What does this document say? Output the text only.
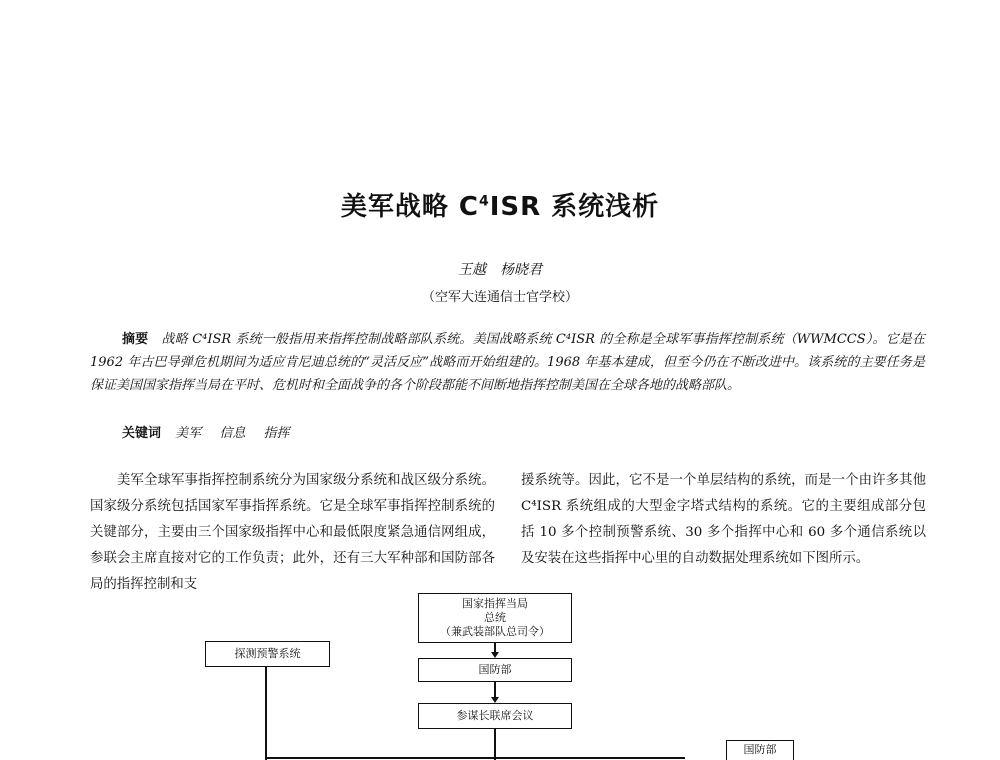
美军战略 $C^4ISR$ 系统浅析
王越　杨晓君
（空军大连通信士官学校）
摘要　 战略 C⁴ISR 系统一般指用来指挥控制战略部队系统。美国战略系统 C⁴ISR 的全称是全球军事指挥控制系统（WWMCCS）。它是在 1962 年古巴导弹危机期间为适应肯尼迪总统的“灵活反应”战略而开始组建的。1968 年基本建成，但至今仍在不断改进中。该系统的主要任务是保证美国国家指挥当局在平时、危机时和全面战争的各个阶段都能不间断地指挥控制美国在全球各地的战略部队。
关键词 美军 信息 指挥

美军全球军事指挥控制系统分为国家级分系统和战区级分系统。国家级分系统包括国家军事指挥系统。它是全球军事指挥控制系统的关键部分，主要由三个国家级指挥中心和最低限度紧急通信网组成，参联会主席直接对它的工作负责；此外，还有三大军种部和国防部各局的指挥控制和支

援系统等。因此，它不是一个单层结构的系统，而是一个由许多其他 C⁴ISR 系统组成的大型金字塔式结构的系统。它的主要组成部分包括 10 多个控制预警系统、30 多个指挥中心和 60 多个通信系统以及安装在这些指挥中心里的自动数据处理系统如下图所示。

国家指挥当局
总统
（兼武装部队总司令）
国防部
参谋长联席会议
探测预警系统
国防部
